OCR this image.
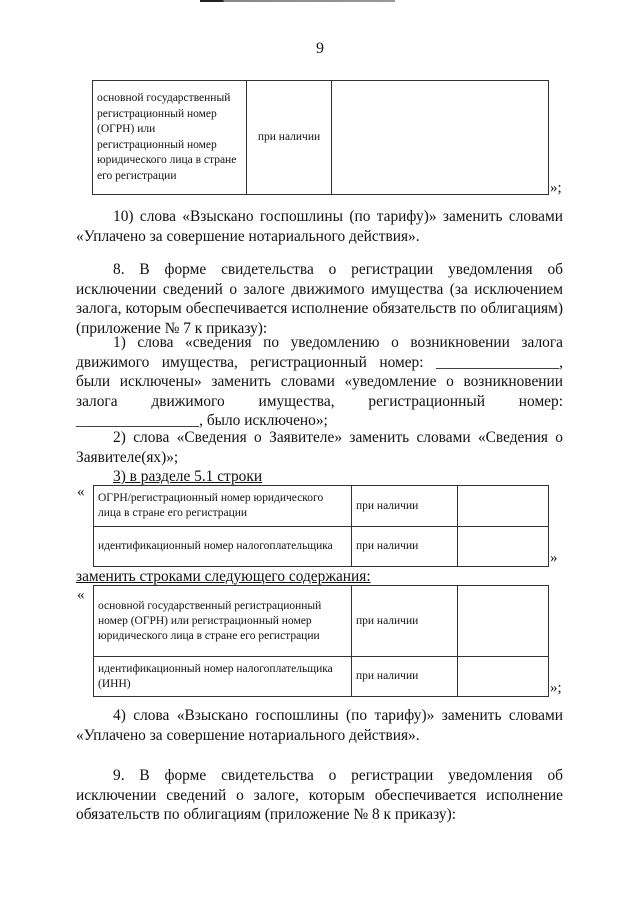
9
основной государственный регистрационный номер (ОГРН) или регистрационный номер юридического лица в стране его регистрации	при наличии	
»;
10) слова «Взыскано госпошлины (по тарифу)» заменить словами «Уплачено за совершение нотариального действия».
8. В форме свидетельства о регистрации уведомления об исключении сведений о залоге движимого имущества (за исключением залога, которым обеспечивается исполнение обязательств по облигациям) (приложение № 7 к приказу):
1) слова «сведения по уведомлению о возникновении залога движимого имущества, регистрационный номер: ________________, были исключены» заменить словами «уведомление о возникновении залога движимого имущества, регистрационный номер: ________________, было исключено»;
2) слова «Сведения о Заявителе» заменить словами «Сведения о Заявителе(ях)»;
3) в разделе 5.1 строки
« ОГРН/регистрационный номер юридического лица в стране его регистрации	при наличии	
идентификационный номер налогоплательщика	при наличии	
»
заменить строками следующего содержания:
«
основной государственный регистрационный номер (ОГРН) или регистрационный номер юридического лица в стране его регистрации	при наличии	
идентификационный номер налогоплательщика (ИНН)	при наличии	
»;
4) слова «Взыскано госпошлины (по тарифу)» заменить словами «Уплачено за совершение нотариального действия».
9. В форме свидетельства о регистрации уведомления об исключении сведений о залоге, которым обеспечивается исполнение обязательств по облигациям (приложение № 8 к приказу):
